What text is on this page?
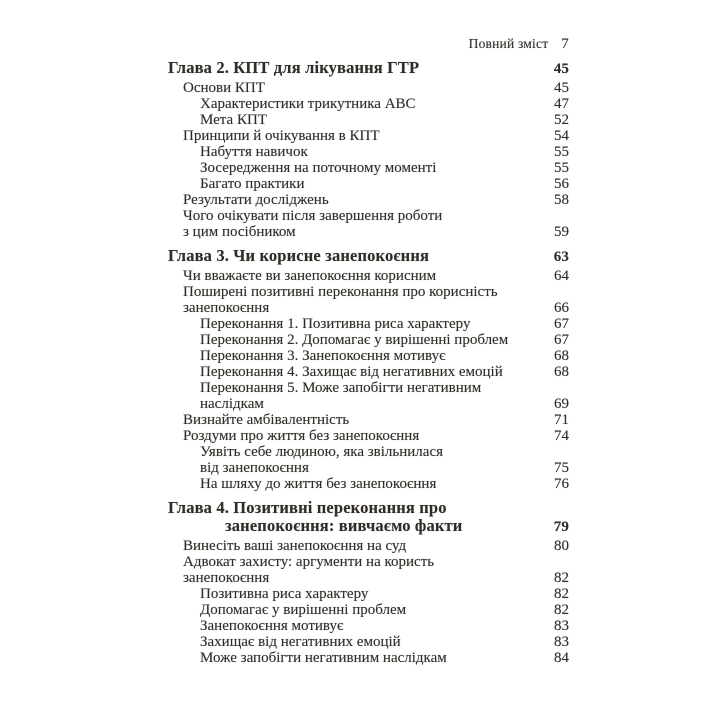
Повний зміст 7
Глава 2. КПТ для лікування ГТР	45
Основи КПТ	45
Характеристики трикутника АВС	47
Мета КПТ	52
Принципи й очікування в КПТ	54
Набуття навичок	55
Зосередження на поточному моменті	55
Багато практики	56
Результати досліджень	58
Чого очікувати після завершення роботи
з цим посібником	59
Глава 3. Чи корисне занепокоєння	63
Чи вважаєте ви занепокоєння корисним	64
Поширені позитивні переконання про корисність
занепокоєння	66
Переконання 1. Позитивна риса характеру	67
Переконання 2. Допомагає у вирішенні проблем	67
Переконання 3. Занепокоєння мотивує	68
Переконання 4. Захищає від негативних емоцій	68
Переконання 5. Може запобігти негативним
наслідкам	69
Визнайте амбівалентність	71
Роздуми про життя без занепокоєння	74
Уявіть себе людиною, яка звільнилася
від занепокоєння	75
На шляху до життя без занепокоєння	76
Глава 4. Позитивні переконання про
занепокоєння: вивчаємо факти	79
Винесіть ваші занепокоєння на суд	80
Адвокат захисту: аргументи на користь
занепокоєння	82
Позитивна риса характеру	82
Допомагає у вирішенні проблем	82
Занепокоєння мотивує	83
Захищає від негативних емоцій	83
Може запобігти негативним наслідкам	84
